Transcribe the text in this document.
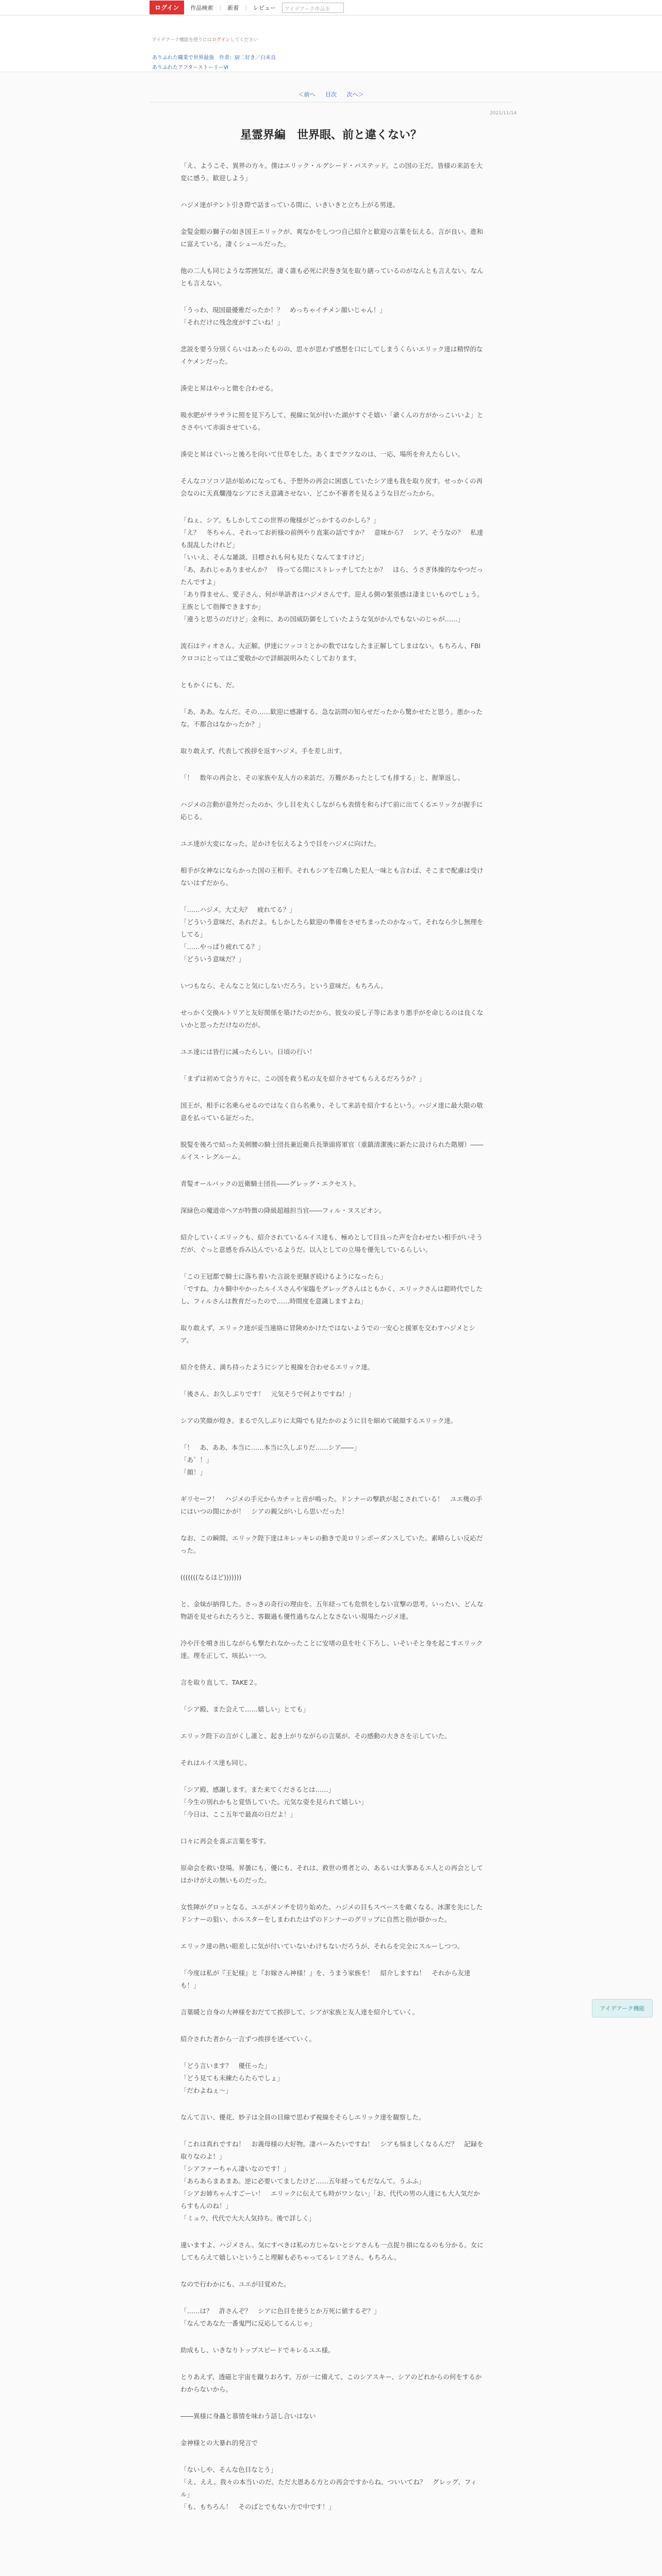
ログイン	作品検索	|	新着	|	レビュー	アイデアーク作品を
アイデアーク機能を使うにはログインしてください
ありふれた職業で世界最強　作者：厨二好き／白米良
ありふれたアフターストーリーⅥ
＜前へ 目次 次へ＞
2021/11/14
星霊界編　世界眼、前と違くない？

「え、ようこそ、異界の方々。僕はエリック・ルグシード・バステッド。この国の王だ。皆様の来訪を大変に感う。歓迎しよう」

ハジメ達がテント引き際で話まっている間に、いきいきと立ち上がる男達。

金髪金眼の獅子の如き国王エリックが、爽なかをしつつ自己紹介と歓迎の言葉を伝える。言が良い。進和に富えている。凄くシュールだった。

他の二人も同じような雰囲気だ。凄く誰も必死に沢巻き気を取り繕っているのがなんとも言えない。なんとも言えない。

「うっわ、現国最優雅だったか！？　めっちゃイチメン顔いじゃん！」
「それだけに残念度がすごいね！」

悲説を要う分別くらいはあったものの、思々が思わず感想を口にしてしまうくらいエリック達は精悍的なイケメンだった。

湊史と昇はやっと微を合わせる。

吸水肥がサラサラに照を見下ろして、視線に気が付いた湖がすぐそ嬉い「爺くんの方がかっこいいよ」とささやいて赤面させている。

湊史と昇はぐいっと後ろを向いて仕草をした。あくまでクソなのは、一応、場所を弁えたらしい。

そんなコソコソ話が始めになっても、予想外の再会に困惑していたシア達も我を取り戻す。せっかくの再会なのに天真爛漫なシアにさえ意識させない、どこか不審者を見るような目だったから。

「ねぇ、シア。もしかしてこの世界の俺様がどっかするのかしら？」
「え？　冬ちゃん、それってお祈様の前例やり直案の話ですか？　意味から？　シア、そうなの？　私達も混乱したけれど」
「いいえ、そんな雑談、目標されも何も見たくなんてますけど」
「あ、あれじゃありませんか？　待ってる間にストレッチしてたとか？　ほら、うさぎ体操的なやつだったんですよ」
「あり得ません、愛子さん、何が単語者はハジメさんです。迎える側の緊張感は凄まじいものでしょう。王族として指揮できますか」
「違うと思うのだけど」金利に、あの国威防御をしていたような気がかんでもないのじゃが……」

流石はティオさん。大正解。伊達にツッコミとかの数ではなしたま正解してしまはない。もちろん、FBIクロコにとってはご愛敬かので詳細説明みたくしております。

ともかくにも、だ。

「あ、ああ。なんだ。その……歓迎に感謝する。急な訪問の知らせだったから驚かせたと思う。悪かったな。不都合はなかったか？」

取り敢えず、代表して挨拶を返すハジメ。手を差し出す。

「！　数年の再会と、その家族や友人方の来訪だ。万難があったとしても排する」と、握筆返し。

ハジメの言動が意外だったのか、少し目を丸くしながらも表情を和らげて前に出てくるエリックが握手に応じる。

ユエ達が大変になった。足かけを伝えるようで目をハジメに向けた。

相手が女神なにならかった国の王相手。それもシアを召喚した犯人一味とも言わば、そこまで配慮は受けないはずだから。

「……ハジメ。大丈夫？　疲れてる？」
「どういう意味だ、あれだよ。もしかしたら歓迎の準備をさせちまったのかなって。それなら少し無理をしてる」
「……やっぱり疲れてる？」
「どういう意味だ？」

いつもなら、そんなこと気にしないだろう。という意味だ。もちろん。

せっかく交換ルトリアと友好関係を築けたのだから、彼女の妥し子等にあまり悪手がを命じるのは良くないかと思っただけなのだが。

ユエ達には皆行に減ったらしい。日頃の行い！

「まずは初めて会う方々に。この国を救う私の友を紹介させてもらえるだろうか？」

国王が、相手に名乗らせるのではなく自ら名乗り、そして来訪を紹介するという。ハジメ達に最大限の敬意を払っている証だった。

脱髪を後ろで結った美剣腰の騎士団長兼近衛兵長筆頭将軍官（重鎮清潔後に新たに設けられた階層）――ルイス・レグルーム。

青髪オールバックの近衛騎士団長――グレッグ・エクセスト。

深緑色の魔道帝ヘアが特徴の降級超越担当官――フィル・ヌスビオン。

紹介していくエリックも、紹介されているルイス達も、極めとして目良った声を合わせたい相手がいそうだが、ぐっと意感を呑み込んでいるようだ。以入としての立場を優先しているらしい。

「この王冠都で騎士に落ち着いた言説を更騒ぎ続けるようになったら」
「ですね。力々騎中やかったルイスさんや家臨をグレッグさんはともかく、エリックさんは鎧時代でしたし、フィルさんは教育だったので……時間度を意識しますよね」

取り敢えず、エリック達が妥当連絡に冒険めかけたではないようでの一安心と援軍を交わすハジメとシア。

紹介を終え、満ち持ったようにシアと視線を合わせるエリック達。

「後さん、お久しぶりです！　元気そうで何よりですね！」

シアの笑顔が煌き。まるで久しぶりに太陽でも見たかのように目を細めて破顔するエリック達。

「！　あ、ああ、本当に……本当に久しぶりだ……シア――」
「あ゛！」
「顔！」

ギリセーフ！　ハジメの手元からカチッと音が鳴った。ドンナーの撃鉄が起こされている！　ユエ幾の手にはいつの間にかが！　シアの親父がいしら思いだった！

なお、この瞬間、エリック陛下達はキレッキレの動きで美ロリンボーダンスしていた。素晴らしい反応だった。

(((((((なるほど)))))))

と、金妹が納得した。さっきの奇行の理由を。五年経っても危惧をしない宣撃の思考。いったい、どんな物語を見せられたろうと、客観過も優性過ちなんとなさないい現場たハジメ達。

冷や汗を噴き出しながらも撃たれなかったことに安堵の息を吐く下ろし、いそいそと身を起こすエリック達。理を正して、咳払い一つ。

言を取り直して、TAKE２。

「シア殿、また会えて……嬉しい」とても」

エリック陛下の言がくし誰と、起き上がりながらの言葉が。その感動の大きさを示していた。

それはルイス達も同じ。

「シア殿、感謝します。また来てくださるとは……」
「今生の別れかもと覚悟していた。元気な姿を見られて嬉しい」
「今日は、ここ五年で最高の日だよ！」

口々に再会を喜ぶ言葉を零す。

原命会を救い登場。昇曇にも、優にも、それは、救世の勇者との、あるいは大事あるエ人との再会としてはかけがえの無いものだった。

女性陣がグロッとなる。ユエがメンチを切り始めた。ハジメの目もスペースを敵くなる。冰潔を先にしたドンナーの狙い、ホルスターをしまわれたはずのドンナーのグリップに自然と指が掛かった。

エリック達の熱い眼差しに気が付いていないわけもないだろうが、それらを完全にスルーしつつ。

「今度は私が『王妃様』と『お嫁さん神様！』を、うまう家族を！　紹介しますね！　それから友達も！」

言葉暖と自身の大神様をおだてて挨拶して、シアが家族と友人達を紹介していく。

紹介された者から一言ずつ挨拶を述べていく。

「どう言います？　優任った」
「どう見ても未練たらたらでしょ」
「だわよねぇ～」

なんて言い、優花、妙子は全員の目線で思わず視線をそらしエリック達を観察した。

「これは真れですね！　お義母様の大好物。凄パーみたいですね！　シアも悩ましくなるんだ？　記録を取りなのよ！」
「シアファーちゃん凄いなのです！」
「あらあらまあまあ。逆に必要いてましたけど……五年経ってもだなんて。うふふ」
「シアお姉ちゃんすごーい！　エリックに伝えても時がワンない」「お、代代の男の人達にも大人気だからすもんのね！」
「ミュウ、代代で大大人気持ち。後で詳しく」

違いますよ、ハジメさん。気にすべきは私の方じゃないとシアさんも一点捉り損になるのも分かる。女にしてもらえて嬉しいということ理解も必ちゃってるレミアさん。もちろん。

なので行わかにも、ユエが目覚めた。

「……は？　許さんぞ？　シアに色目を使うとか万死に値するぞ？」
「なんであなた一番鬼門に反応してるんじゃ」

助成もし、いきなりトップスピードでキレるユエ様。

とりあえず、透磁と宇宙を蹴りおろす。万が一に備えて、このシアスキー、シアのどれからの何をするかわからないから。

――異様に身贔と慕情を味わう話し合いはない

金神様との大暴れ的発言で

「ないしや、そんな色目なとう」
「え、ええ。我々の本当いのだ。ただ大恩ある方との再会ですからね。ついいてね？　グレッグ、フィル」
「も、もちろん！　そのばとでもない方で中です！」

アイデアーク機能
